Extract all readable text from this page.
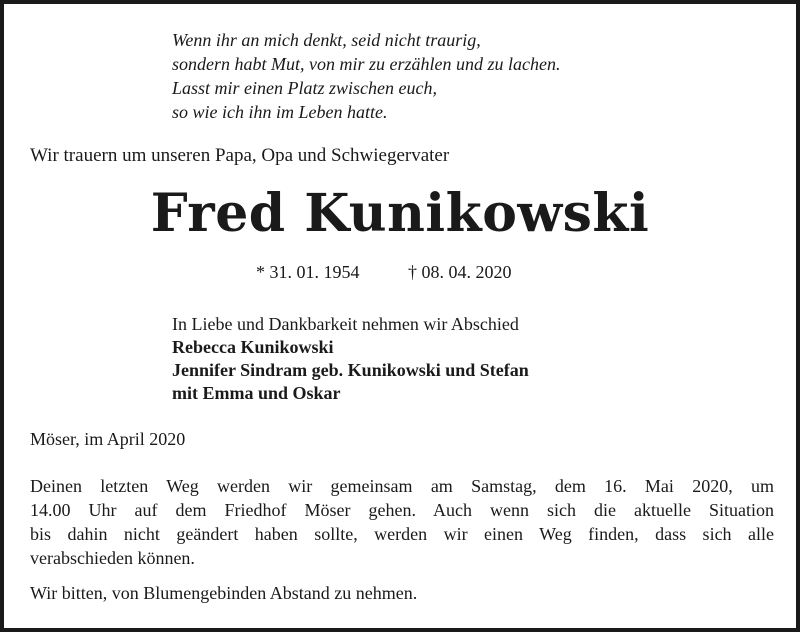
Wenn ihr an mich denkt, seid nicht traurig,
sondern habt Mut, von mir zu erzählen und zu lachen.
Lasst mir einen Platz zwischen euch,
so wie ich ihn im Leben hatte.
Wir trauern um unseren Papa, Opa und Schwiegervater
Fred Kunikowski
* 31. 01. 1954	† 08. 04. 2020
In Liebe und Dankbarkeit nehmen wir Abschied
Rebecca Kunikowski
Jennifer Sindram geb. Kunikowski und Stefan
mit Emma und Oskar
Möser, im April 2020

Deinen letzten Weg werden wir gemeinsam am Samstag, dem 16. Mai 2020, um
14.00 Uhr auf dem Friedhof Möser gehen. Auch wenn sich die aktuelle Situation
bis dahin nicht geändert haben sollte, werden wir einen Weg finden, dass sich alle
verabschieden können.

Wir bitten, von Blumengebinden Abstand zu nehmen.
